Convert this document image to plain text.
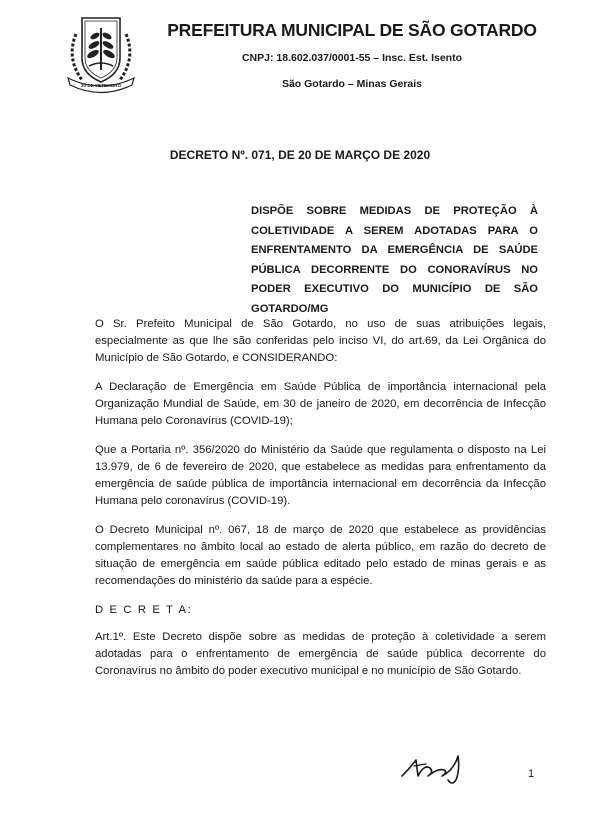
20 DE SETEMBRO
PREFEITURA MUNICIPAL DE SÃO GOTARDO
CNPJ: 18.602.037/0001-55 – Insc. Est. Isento
São Gotardo – Minas Gerais
DECRETO Nº. 071, DE 20 DE MARÇO DE 2020
DISPÕE SOBRE MEDIDAS DE PROTEÇÃO À COLETIVIDADE A SEREM ADOTADAS PARA O ENFRENTAMENTO DA EMERGÊNCIA DE SAÚDE PÚBLICA DECORRENTE DO CONORAVÍRUS NO PODER EXECUTIVO DO MUNICÍPIO DE SÃO GOTARDO/MG

O Sr. Prefeito Municipal de São Gotardo, no uso de suas atribuições legais, especialmente as que lhe são conferidas pelo inciso VI, do art.69, da Lei Orgânica do Município de São Gotardo, e CONSIDERANDO:

A Declaração de Emergência em Saúde Pública de importância internacional pela Organização Mundial de Saúde, em 30 de janeiro de 2020, em decorrência de Infecção Humana pelo Coronavírus (COVID-19);

Que a Portaria nº. 356/2020 do Ministério da Saúde que regulamenta o disposto na Lei 13.979, de 6 de fevereiro de 2020, que estabelece as medidas para enfrentamento da emergência de saúde pública de importância internacional em decorrência da Infecção Humana pelo coronavírus (COVID-19).

O Decreto Municipal nº. 067, 18 de março de 2020 que estabelece as providências complementares no âmbito local ao estado de alerta público, em razão do decreto de situação de emergência em saúde pública editado pelo estado de minas gerais e as recomendações do ministério da saúde para a espécie.

D E C R E T A:

Art.1º. Este Decreto dispõe sobre as medidas de proteção à coletividade a serem adotadas para o enfrentamento de emergência de saúde pública decorrente do Coronavírus no âmbito do poder executivo municipal e no município de São Gotardo.

1
